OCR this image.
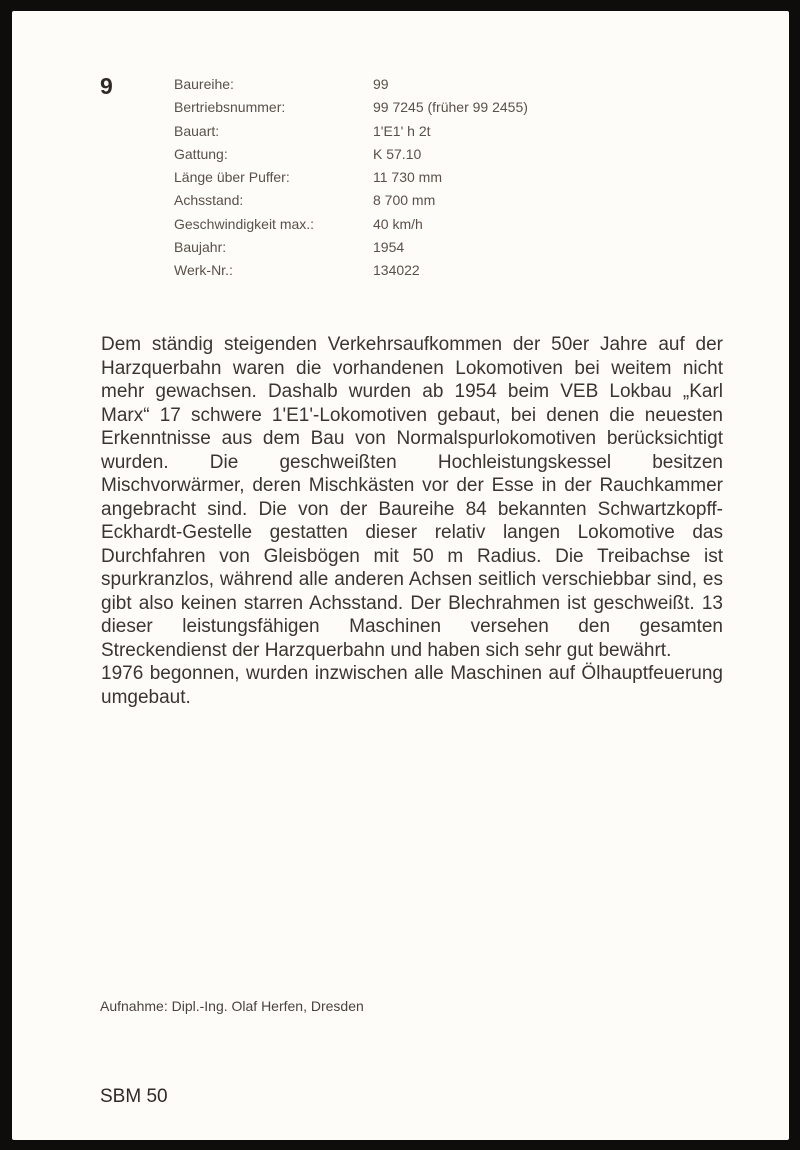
9	Baureihe:	99
Bertriebsnummer:	99 7245 (früher 99 2455)
Bauart:	1'E1' h 2t
Gattung:	K 57.10
Länge über Puffer:	11 730 mm
Achsstand:	8 700 mm
Geschwindigkeit max.:	40 km/h
Baujahr:	1954
Werk-Nr.:	134022

Dem ständig steigenden Verkehrsaufkommen der 50er Jahre auf der Harzquerbahn waren die vorhandenen Lokomotiven bei weitem nicht mehr gewachsen. Dashalb wurden ab 1954 beim VEB Lokbau „Karl Marx“ 17 schwere 1'E1'-Lokomotiven gebaut, bei denen die neuesten Erkenntnisse aus dem Bau von Normalspurlokomotiven berücksichtigt wurden. Die geschweißten Hochleistungskessel besitzen Mischvorwärmer, deren Mischkästen vor der Esse in der Rauchkammer angebracht sind. Die von der Baureihe 84 bekannten Schwartzkopff-Eckhardt-Gestelle gestatten dieser relativ langen Lokomotive das Durchfahren von Gleisbögen mit 50 m Radius. Die Treibachse ist spurkranzlos, während alle anderen Achsen seitlich verschiebbar sind, es gibt also keinen starren Achsstand. Der Blechrahmen ist geschweißt. 13 dieser leistungsfähigen Maschinen versehen den gesamten Streckendienst der Harzquerbahn und haben sich sehr gut bewährt.
1976 begonnen, wurden inzwischen alle Maschinen auf Ölhauptfeuerung umgebaut.

Aufnahme: Dipl.-Ing. Olaf Herfen, Dresden
SBM 50
